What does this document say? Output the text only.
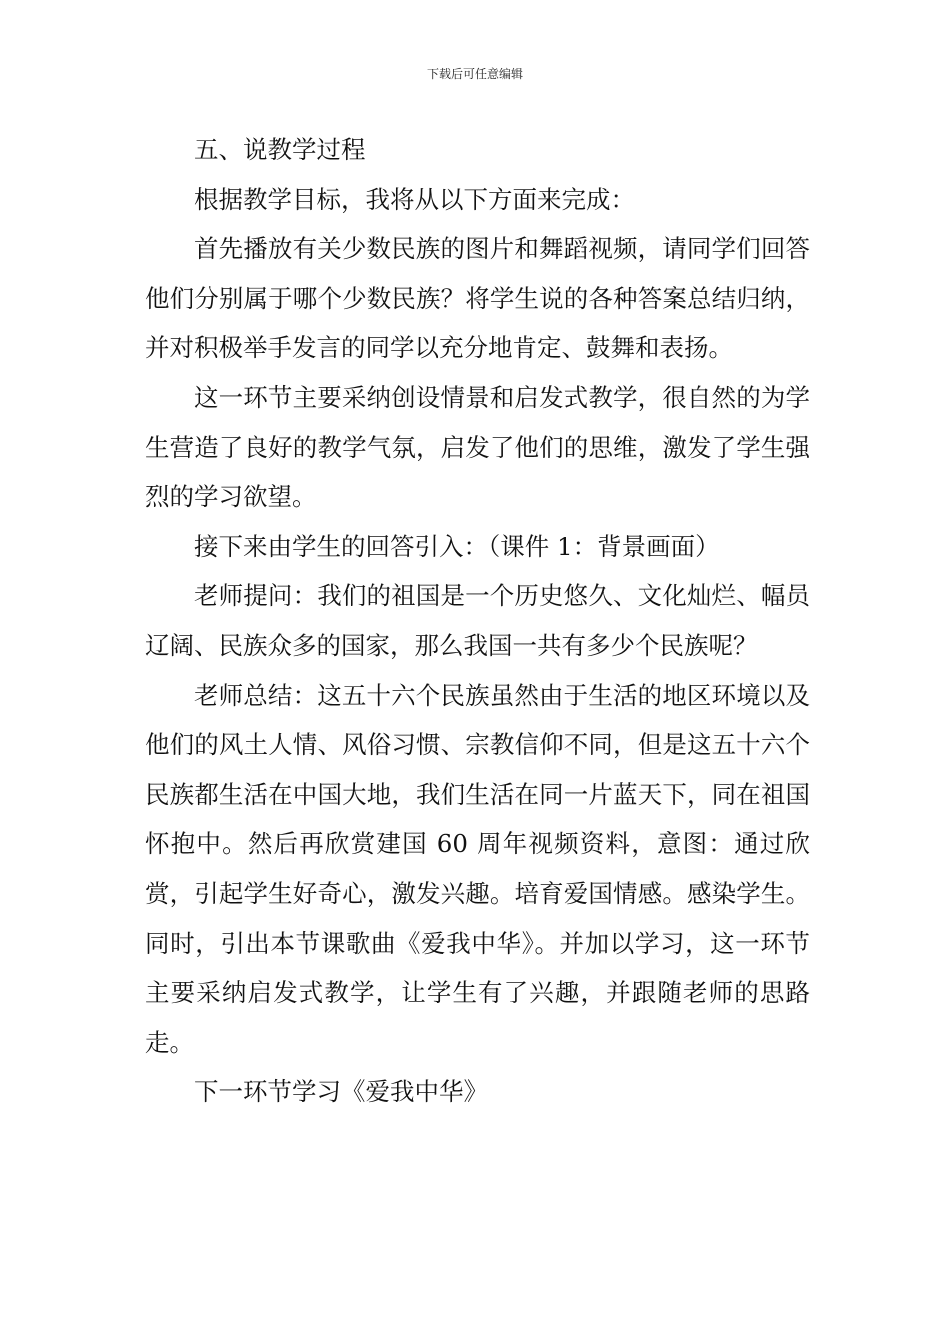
下载后可任意编辑

五、说教学过程

根据教学目标，我将从以下方面来完成：

首先播放有关少数民族的图片和舞蹈视频，请同学们回答他们分别属于哪个少数民族？将学生说的各种答案总结归纳，并对积极举手发言的同学以充分地肯定、鼓舞和表扬。

这一环节主要采纳创设情景和启发式教学，很自然的为学生营造了良好的教学气氛，启发了他们的思维，激发了学生强烈的学习欲望。

接下来由学生的回答引入：（课件 1：背景画面）

老师提问：我们的祖国是一个历史悠久、文化灿烂、幅员辽阔、民族众多的国家，那么我国一共有多少个民族呢？

老师总结：这五十六个民族虽然由于生活的地区环境以及他们的风土人情、风俗习惯、宗教信仰不同，但是这五十六个民族都生活在中国大地，我们生活在同一片蓝天下，同在祖国怀抱中。然后再欣赏建国 60 周年视频资料，意图：通过欣赏，引起学生好奇心，激发兴趣。培育爱国情感。感染学生。同时，引出本节课歌曲《爱我中华》。并加以学习，这一环节主要采纳启发式教学，让学生有了兴趣，并跟随老师的思路走。

下一环节学习《爱我中华》
